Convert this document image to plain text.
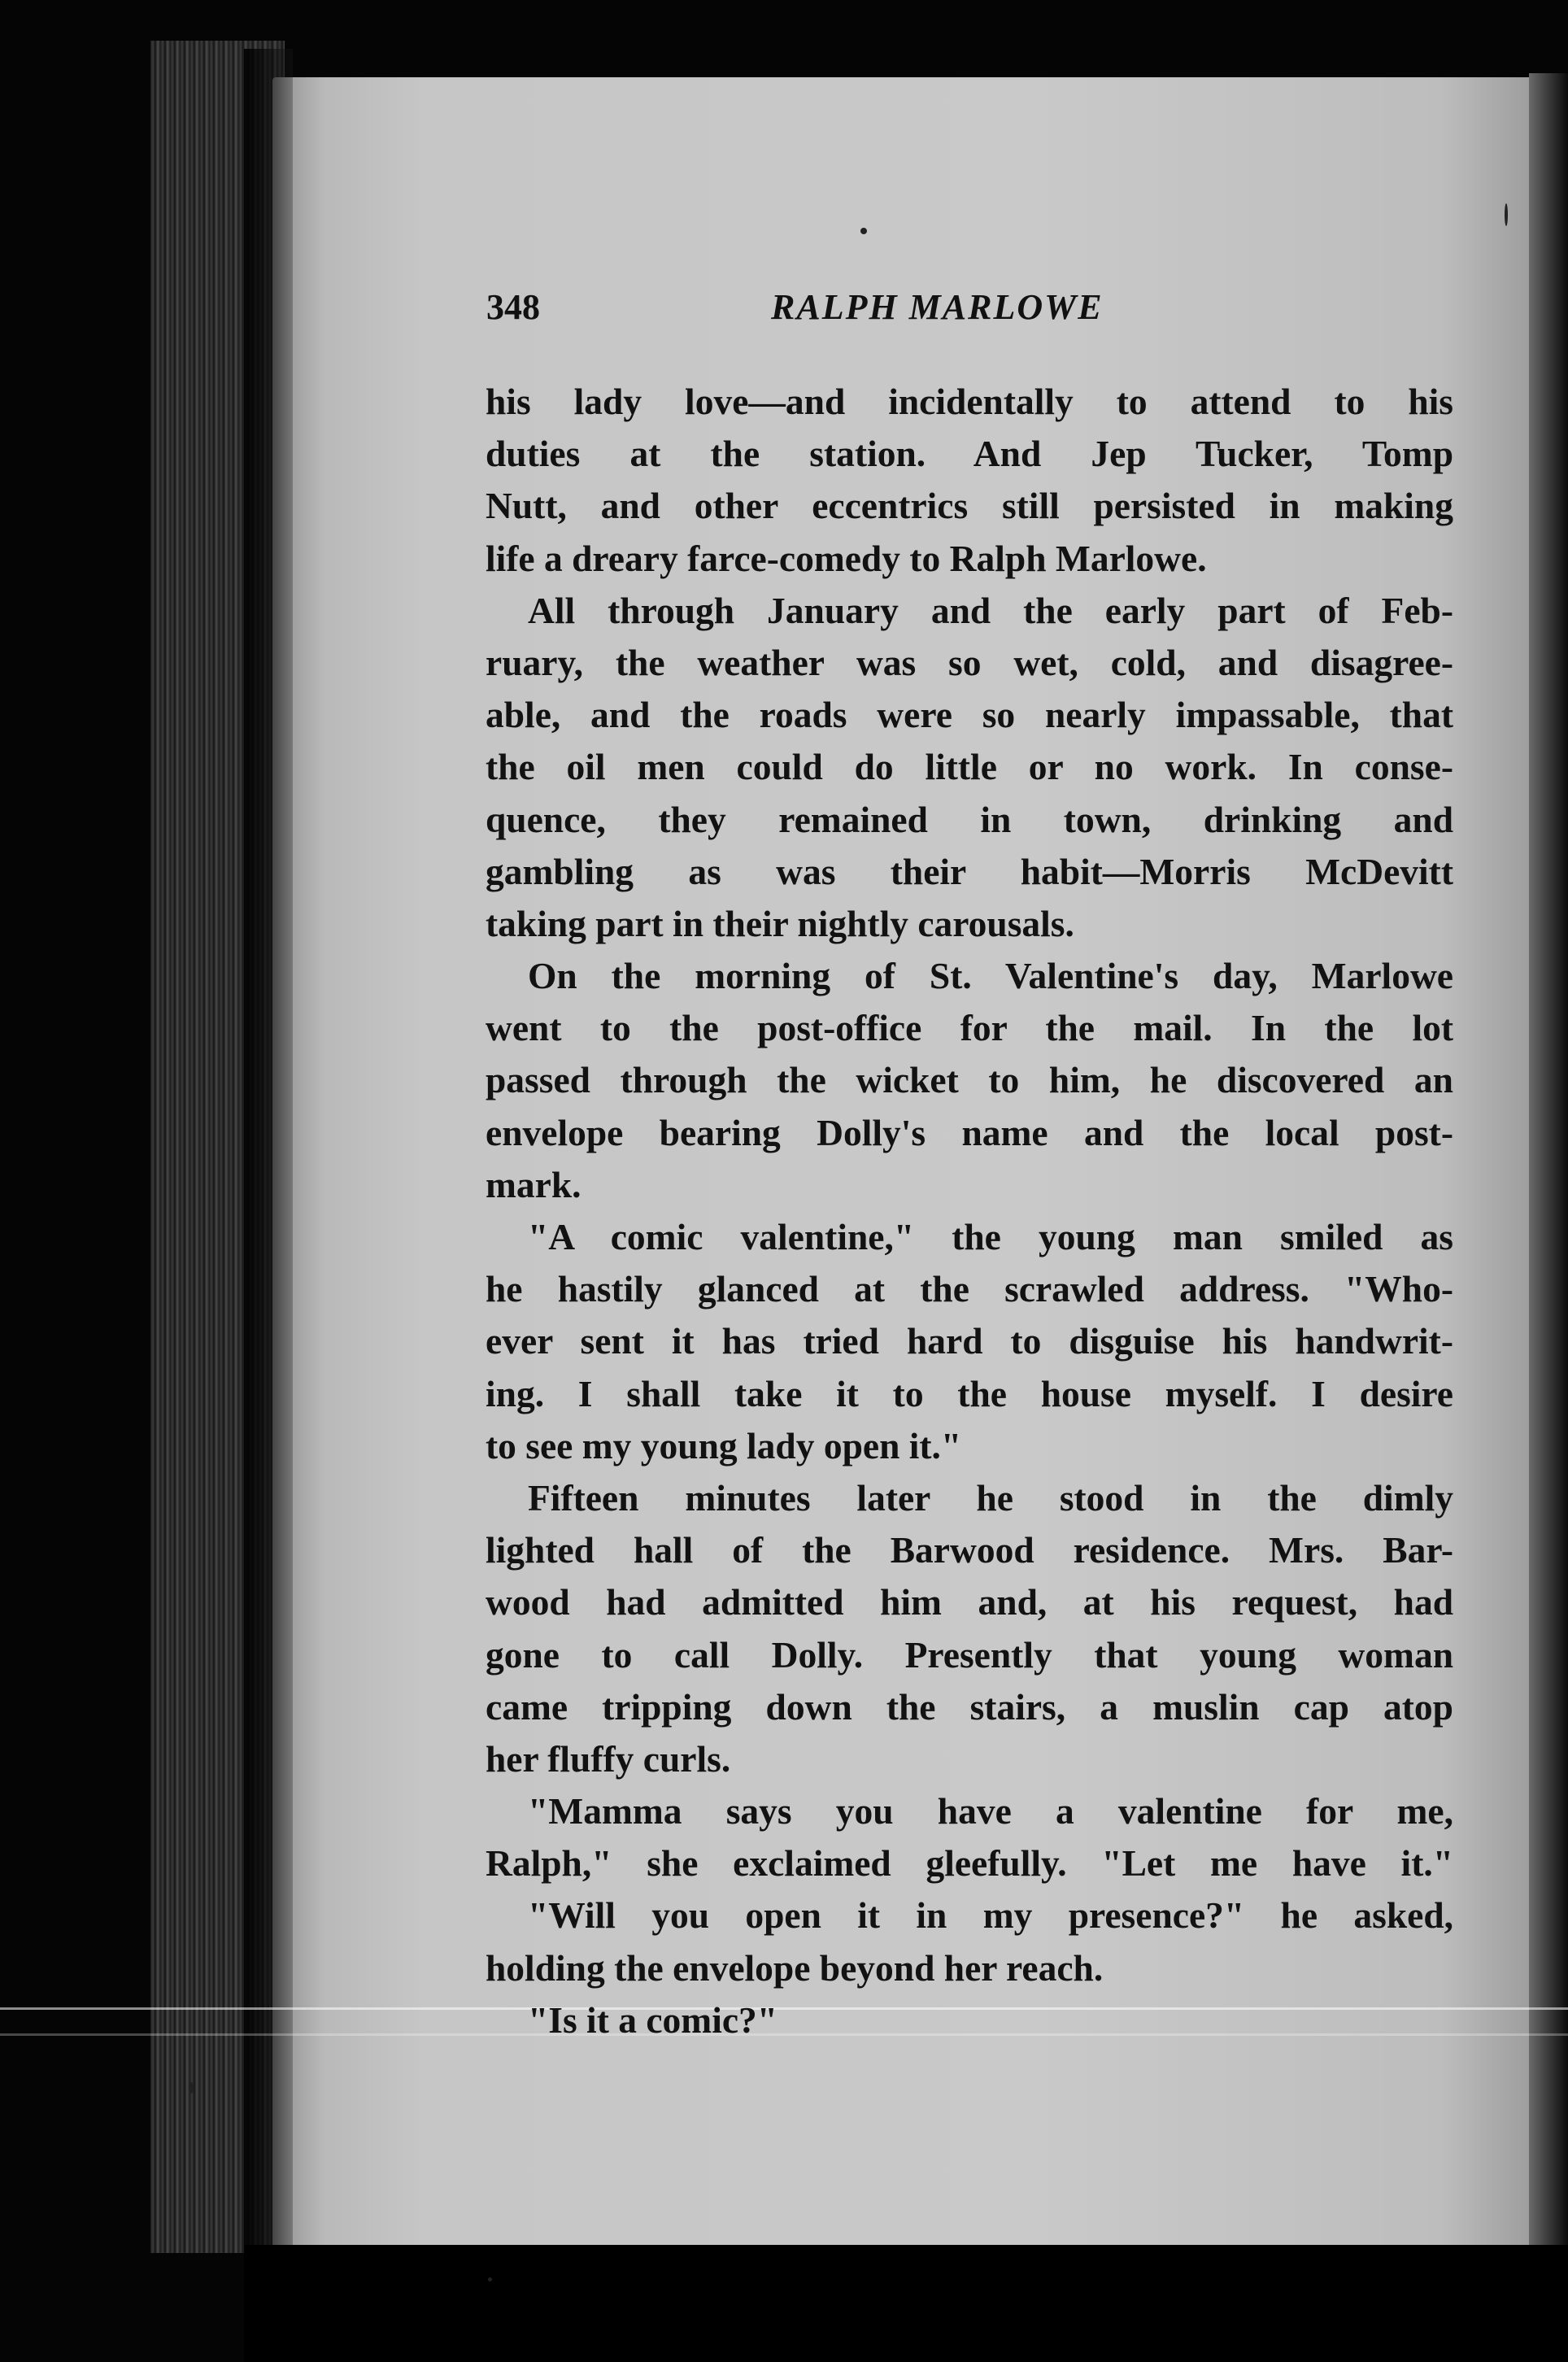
348	RALPH MARLOWE
his lady love—and incidentally to attend to his
duties at the station. And Jep Tucker, Tomp
Nutt, and other eccentrics still persisted in making
life a dreary farce-comedy to Ralph Marlowe.
All through January and the early part of Feb-
ruary, the weather was so wet, cold, and disagree-
able, and the roads were so nearly impassable, that
the oil men could do little or no work. In conse-
quence, they remained in town, drinking and
gambling as was their habit—Morris McDevitt
taking part in their nightly carousals.
On the morning of St. Valentine's day, Marlowe
went to the post-office for the mail. In the lot
passed through the wicket to him, he discovered an
envelope bearing Dolly's name and the local post-
mark.
"A comic valentine," the young man smiled as
he hastily glanced at the scrawled address. "Who-
ever sent it has tried hard to disguise his handwrit-
ing. I shall take it to the house myself. I desire
to see my young lady open it."
Fifteen minutes later he stood in the dimly
lighted hall of the Barwood residence. Mrs. Bar-
wood had admitted him and, at his request, had
gone to call Dolly. Presently that young woman
came tripping down the stairs, a muslin cap atop
her fluffy curls.
"Mamma says you have a valentine for me,
Ralph," she exclaimed gleefully. "Let me have it."
"Will you open it in my presence?" he asked,
holding the envelope beyond her reach.
"Is it a comic?"
